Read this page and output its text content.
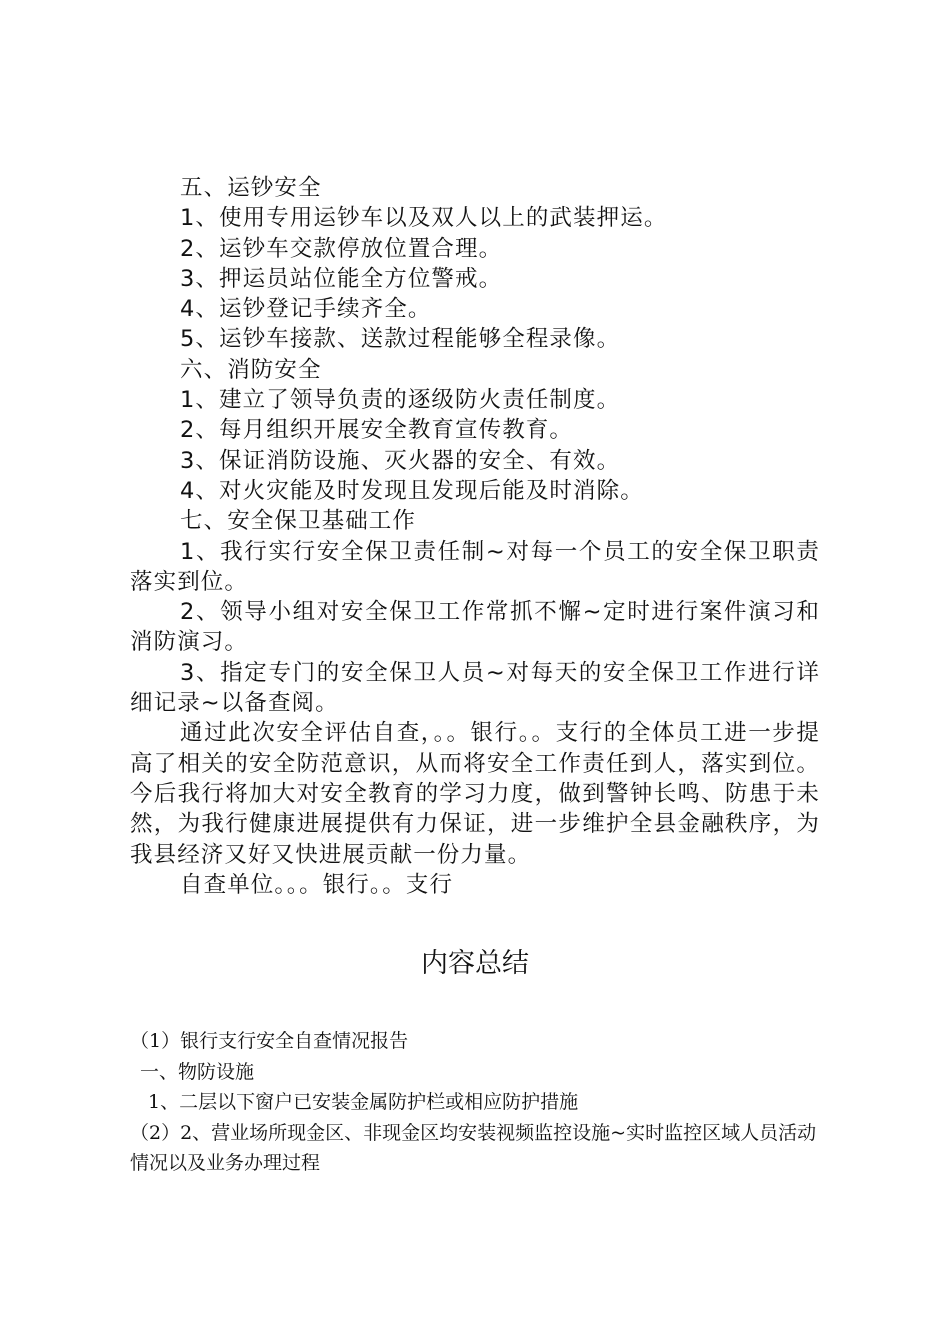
五、运钞安全

1、使用专用运钞车以及双人以上的武装押运。

2、运钞车交款停放位置合理。

3、押运员站位能全方位警戒。

4、运钞登记手续齐全。

5、运钞车接款、送款过程能够全程录像。

六、消防安全

1、建立了领导负责的逐级防火责任制度。

2、每月组织开展安全教育宣传教育。

3、保证消防设施、灭火器的安全、有效。

4、对火灾能及时发现且发现后能及时消除。

七、安全保卫基础工作

1、我行实行安全保卫责任制~对每一个员工的安全保卫职责落实到位。

2、领导小组对安全保卫工作常抓不懈~定时进行案件演习和消防演习。

3、指定专门的安全保卫人员~对每天的安全保卫工作进行详细记录~以备查阅。

通过此次安全评估自查，。。银行。。支行的全体员工进一步提高了相关的安全防范意识，从而将安全工作责任到人，落实到位。今后我行将加大对安全教育的学习力度，做到警钟长鸣、防患于未然，为我行健康进展提供有力保证，进一步维护全县金融秩序，为我县经济又好又快进展贡献一份力量。

自查单位。。。银行。。支行

内容总结

（1）银行支行安全自查情况报告

一、物防设施

1、二层以下窗户已安装金属防护栏或相应防护措施

（2）2、营业场所现金区、非现金区均安装视频监控设施~实时监控区域人员活动情况以及业务办理过程
